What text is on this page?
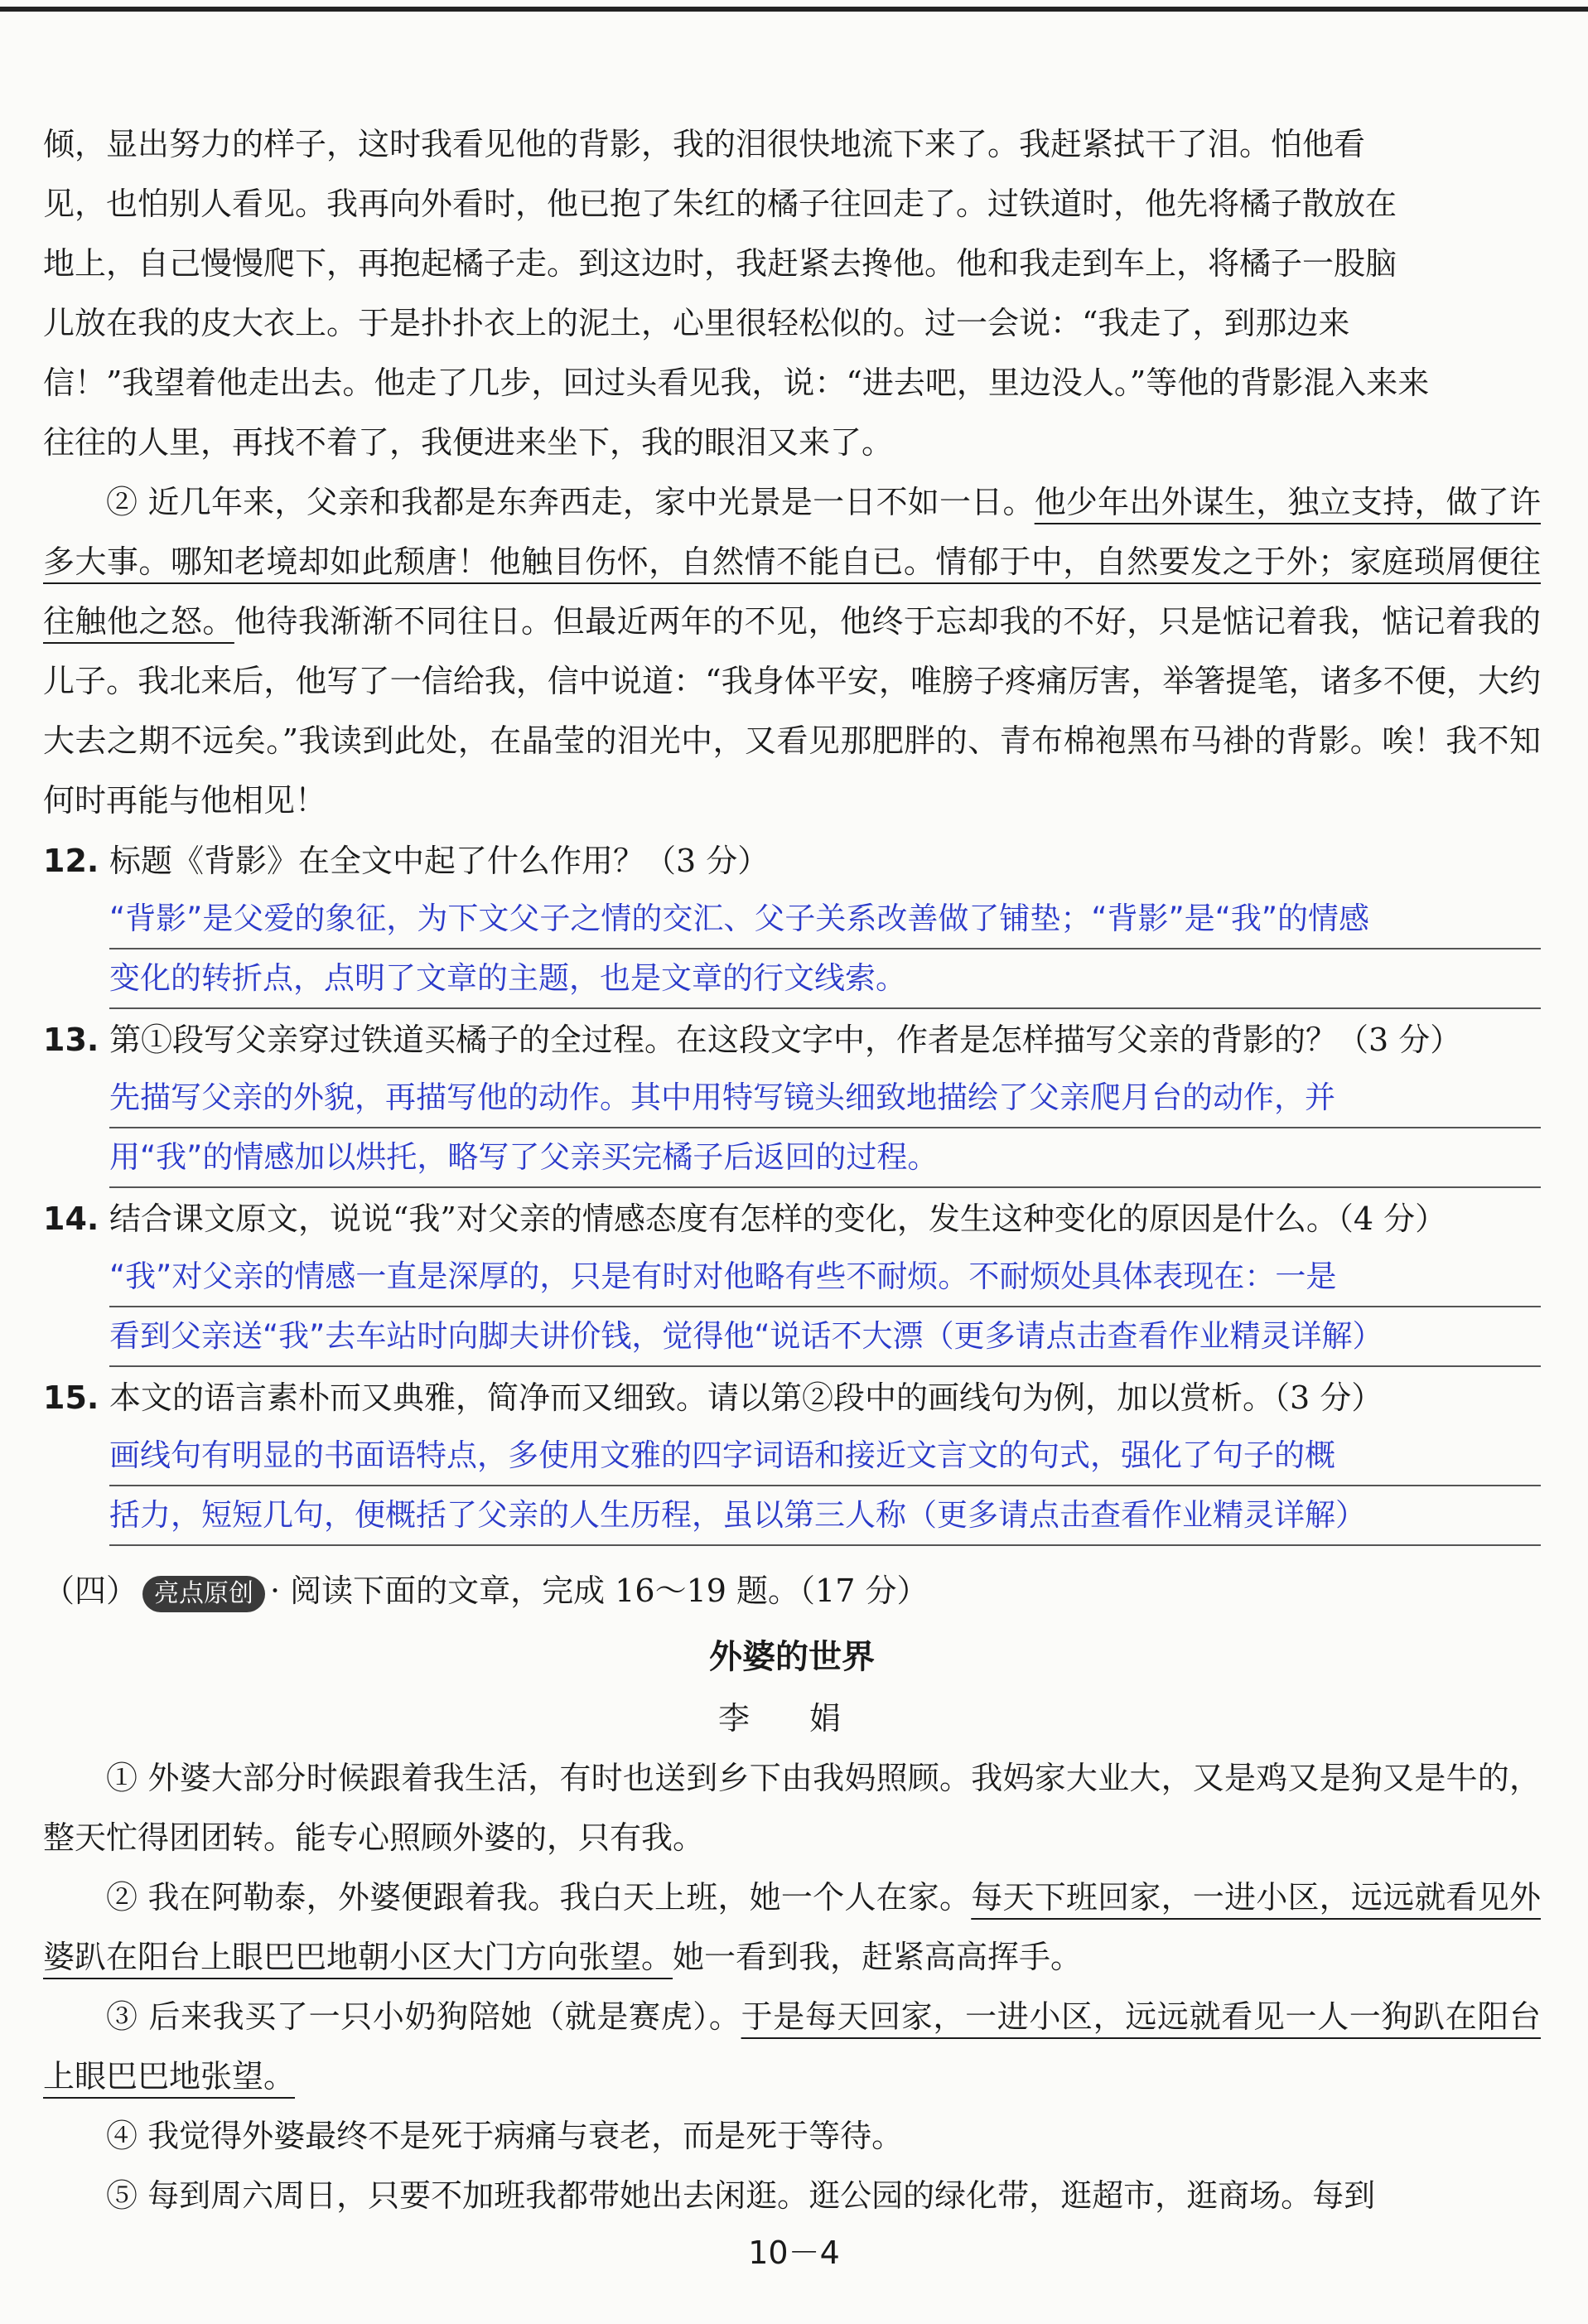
倾，显出努力的样子，这时我看见他的背影，我的泪很快地流下来了。我赶紧拭干了泪。怕他看

见，也怕别人看见。我再向外看时，他已抱了朱红的橘子往回走了。过铁道时，他先将橘子散放在

地上，自己慢慢爬下，再抱起橘子走。到这边时，我赶紧去搀他。他和我走到车上，将橘子一股脑

儿放在我的皮大衣上。于是扑扑衣上的泥土，心里很轻松似的。过一会说：“我走了，到那边来

信！”我望着他走出去。他走了几步，回过头看见我，说：“进去吧，里边没人。”等他的背影混入来来

往往的人里，再找不着了，我便进来坐下，我的眼泪又来了。

② 近几年来，父亲和我都是东奔西走，家中光景是一日不如一日。他少年出外谋生，独立支持，做了许多大事。哪知老境却如此颓唐！他触目伤怀，自然情不能自已。情郁于中，自然要发之于外；家庭琐屑便往往触他之怒。他待我渐渐不同往日。但最近两年的不见，他终于忘却我的不好，只是惦记着我，惦记着我的儿子。我北来后，他写了一信给我，信中说道：“我身体平安，唯膀子疼痛厉害，举箸提笔，诸多不便，大约大去之期不远矣。”我读到此处，在晶莹的泪光中，又看见那肥胖的、青布棉袍黑布马褂的背影。唉！我不知何时再能与他相见！

12. 标题《背影》在全文中起了什么作用？（3 分）
“背影”是父爱的象征，为下文父子之情的交汇、父子关系改善做了铺垫；“背影”是“我”的情感
变化的转折点，点明了文章的主题，也是文章的行文线索。
13. 第①段写父亲穿过铁道买橘子的全过程。在这段文字中，作者是怎样描写父亲的背影的？（3 分）
先描写父亲的外貌，再描写他的动作。其中用特写镜头细致地描绘了父亲爬月台的动作，并
用“我”的情感加以烘托，略写了父亲买完橘子后返回的过程。
14. 结合课文原文，说说“我”对父亲的情感态度有怎样的变化，发生这种变化的原因是什么。（4 分）
“我”对父亲的情感一直是深厚的，只是有时对他略有些不耐烦。不耐烦处具体表现在：一是
看到父亲送“我”去车站时向脚夫讲价钱，觉得他“说话不大漂（更多请点击查看作业精灵详解）
15. 本文的语言素朴而又典雅，简净而又细致。请以第②段中的画线句为例，加以赏析。（3 分）
画线句有明显的书面语特点，多使用文雅的四字词语和接近文言文的句式，强化了句子的概
括力，短短几句，便概括了父亲的人生历程，虽以第三人称（更多请点击查看作业精灵详解）
（四） 亮点原创 · 阅读下面的文章，完成 16～19 题。（17 分）
外婆的世界
李 娟

① 外婆大部分时候跟着我生活，有时也送到乡下由我妈照顾。我妈家大业大，又是鸡又是狗又是牛的，整天忙得团团转。能专心照顾外婆的，只有我。

② 我在阿勒泰，外婆便跟着我。我白天上班，她一个人在家。每天下班回家，一进小区，远远就看见外婆趴在阳台上眼巴巴地朝小区大门方向张望。她一看到我，赶紧高高挥手。

③ 后来我买了一只小奶狗陪她（就是赛虎）。于是每天回家，一进小区，远远就看见一人一狗趴在阳台上眼巴巴地张望。

④ 我觉得外婆最终不是死于病痛与衰老，而是死于等待。

⑤ 每到周六周日，只要不加班我都带她出去闲逛。逛公园的绿化带，逛超市，逛商场。每到

10－4
